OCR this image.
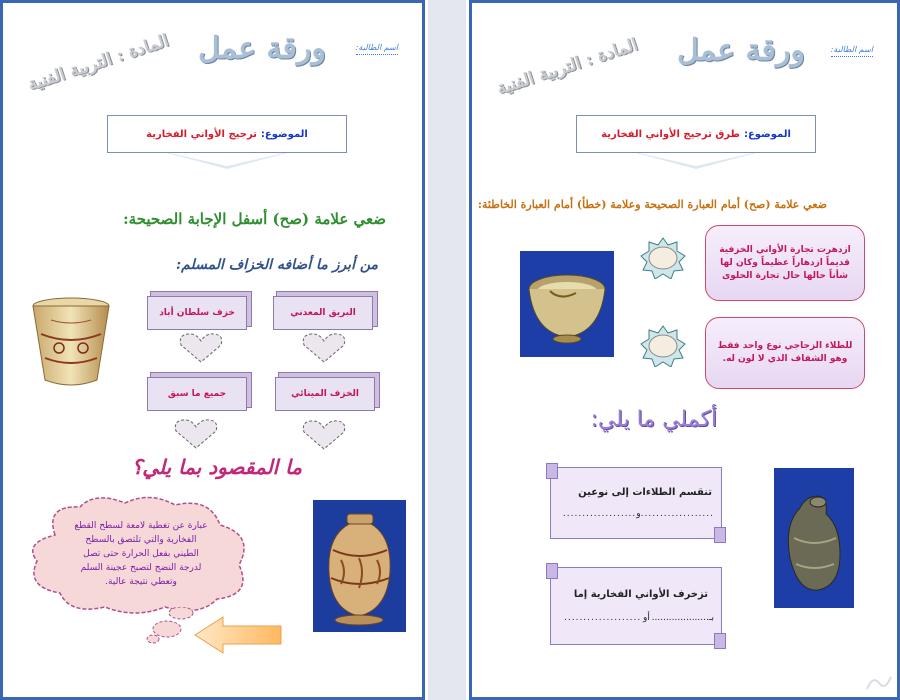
اسم الطالبة:
ورقة عمل
المادة : التربية الفنية
الموضوع:
ترجيج الأواني الفخارية
ضعي علامة (صح) أسفل الإجابة الصحيحة:
من أبرز ما أضافه الخزاف المسلم:
البريق المعدني
خزف سلطان أباد
الخزف المينائي
جميع ما سبق
ما المقصود بما يلي؟
عبارة عن تغطية لامعة لسطح القطع
الفخارية والتي تلتصق بالسطح
الطيني بفعل الحرارة حتى تصل
لدرجة النضج لتصبح عجينة السلم
وتعطي نتيجة عالية.
اسم الطالبة:
ورقة عمل
المادة : التربية الفنية
الموضوع:
طرق ترجيج الأواني الفخارية
ضعي علامة (صح) أمام العبارة الصحيحة وعلامة (خطأ) أمام العبارة الخاطئة:
ازدهرت تجارة الأواني الخزفية قديماً ازدهاراً عظيماً وكان لها شأناً حالها حال تجارة الحلوى
للطلاء الزجاجي نوع واحد فقط وهو الشفاف الذي لا لون له.
أكملي ما يلي:
تنقسم الطلاءات إلى نوعين
...................
و
...................
تزخرف الأواني الفخارية إما
بـ....................
أو
....................
